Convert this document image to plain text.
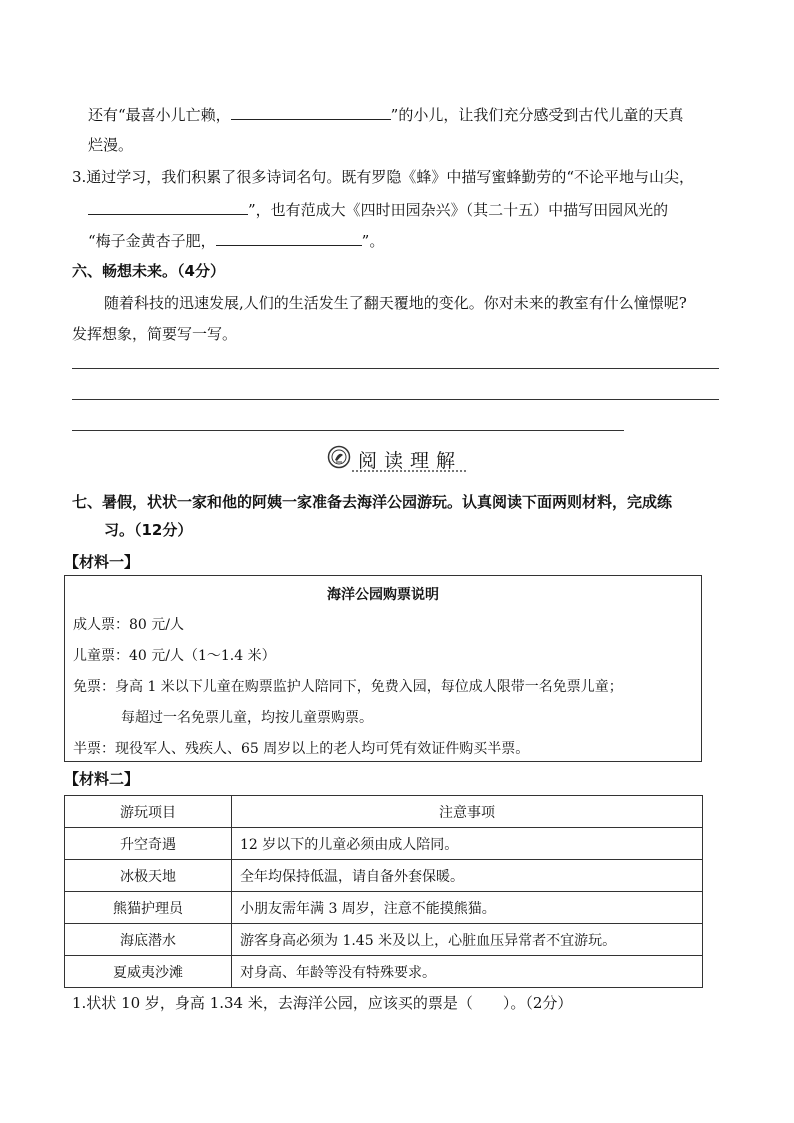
还有“最喜小儿亡赖，	”的小儿，让我们充分感受到古代儿童的天真
烂漫。
3.通过学习，我们积累了很多诗词名句。既有罗隐《蜂》中描写蜜蜂勤劳的“不论平地与山尖，
”，也有范成大《四时田园杂兴》（其二十五）中描写田园风光的
“梅子金黄杏子肥，	”。
六、畅想未来。（4分）
随着科技的迅速发展,人们的生活发生了翻天覆地的变化。你对未来的教室有什么憧憬呢?
发挥想象，简要写一写。
阅读理解
七、暑假，状状一家和他的阿姨一家准备去海洋公园游玩。认真阅读下面两则材料，完成练
习。（12分）
【材料一】
海洋公园购票说明
成人票：80 元/人
儿童票：40 元/人（1～1.4 米）
免票：身高 1 米以下儿童在购票监护人陪同下，免费入园，每位成人限带一名免票儿童；
每超过一名免票儿童，均按儿童票购票。
半票：现役军人、残疾人、65 周岁以上的老人均可凭有效证件购买半票。
【材料二】
游玩项目	注意事项
升空奇遇	12 岁以下的儿童必须由成人陪同。
冰极天地	全年均保持低温，请自备外套保暖。
熊猫护理员	小朋友需年满 3 周岁，注意不能摸熊猫。
海底潜水	游客身高必须为 1.45 米及以上，心脏血压异常者不宜游玩。
夏威夷沙滩	对身高、年龄等没有特殊要求。
1.状状 10 岁，身高 1.34 米，去海洋公园，应该买的票是（　　）。（2分）
